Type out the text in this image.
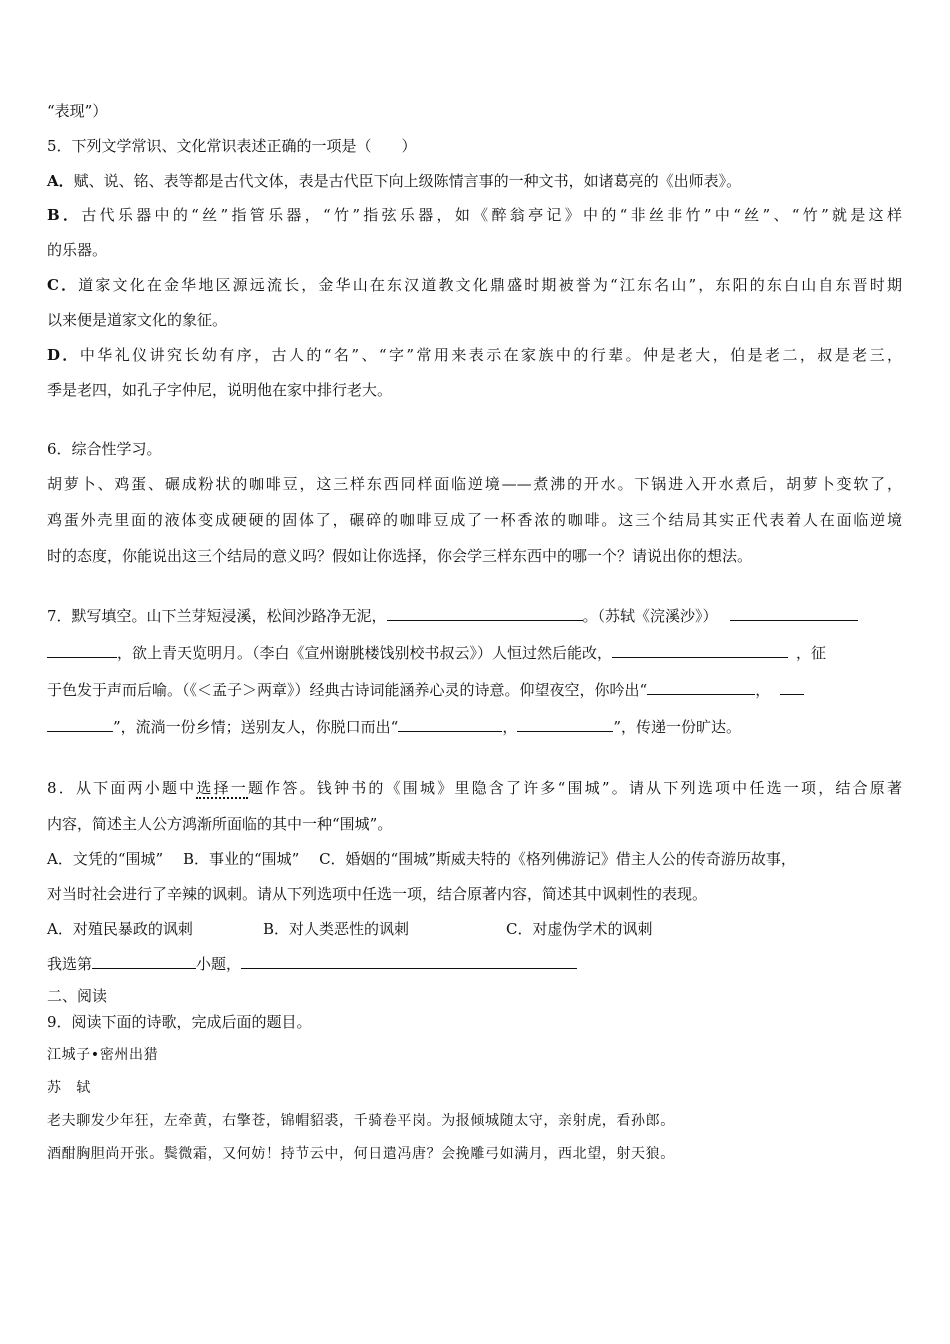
“表现”）
5．下列文学常识、文化常识表述正确的一项是（　　）
A．赋、说、铭、表等都是古代文体，表是古代臣下向上级陈情言事的一种文书，如诸葛亮的《出师表》。
B．古代乐器中的“丝”指管乐器，“竹”指弦乐器，如《醉翁亭记》中的“非丝非竹”中“丝”、“竹”就是这样
的乐器。
C．道家文化在金华地区源远流长，金华山在东汉道教文化鼎盛时期被誉为“江东名山”，东阳的东白山自东晋时期
以来便是道家文化的象征。
D．中华礼仪讲究长幼有序，古人的“名”、“字”常用来表示在家族中的行辈。仲是老大，伯是老二，叔是老三，
季是老四，如孔子字仲尼，说明他在家中排行老大。
6．综合性学习。
胡萝卜、鸡蛋、碾成粉状的咖啡豆，这三样东西同样面临逆境——煮沸的开水。下锅进入开水煮后，胡萝卜变软了，
鸡蛋外壳里面的液体变成硬硬的固体了，碾碎的咖啡豆成了一杯香浓的咖啡。这三个结局其实正代表着人在面临逆境
时的态度，你能说出这三个结局的意义吗？假如让你选择，你会学三样东西中的哪一个？请说出你的想法。
7．默写填空。山下兰芽短浸溪，松间沙路净无泥，	。（苏轼《浣溪沙》）
，欲上青天览明月。（李白《宣州谢朓楼饯别校书叔云》）人恒过然后能改，	，征
于色发于声而后喻。（《＜孟子＞两章》）经典古诗词能涵养心灵的诗意。仰望夜空，你吟出“	，
”，流淌一份乡情；送别友人，你脱口而出“	，	”，传递一份旷达。
8．从下面两小题中选择一题作答。钱钟书的《围城》里隐含了许多“围城”。请从下列选项中任选一项，结合原著
内容，简述主人公方鸿渐所面临的其中一种“围城”。
A．文凭的“围城”　 B．事业的“围城”　 C．婚姻的“围城”斯威夫特的《格列佛游记》借主人公的传奇游历故事，
对当时社会进行了辛辣的讽刺。请从下列选项中任选一项，结合原著内容，简述其中讽刺性的表现。
A．对殖民暴政的讽刺	B．对人类恶性的讽刺	C．对虚伪学术的讽刺
我选第	小题，
二、阅读
9．阅读下面的诗歌，完成后面的题目。
江城子•密州出猎
苏　轼
老夫聊发少年狂，左牵黄，右擎苍，锦帽貂裘，千骑卷平岗。为报倾城随太守，亲射虎，看孙郎。
酒酣胸胆尚开张。鬓微霜，又何妨！持节云中，何日遣冯唐？会挽雕弓如满月，西北望，射天狼。
